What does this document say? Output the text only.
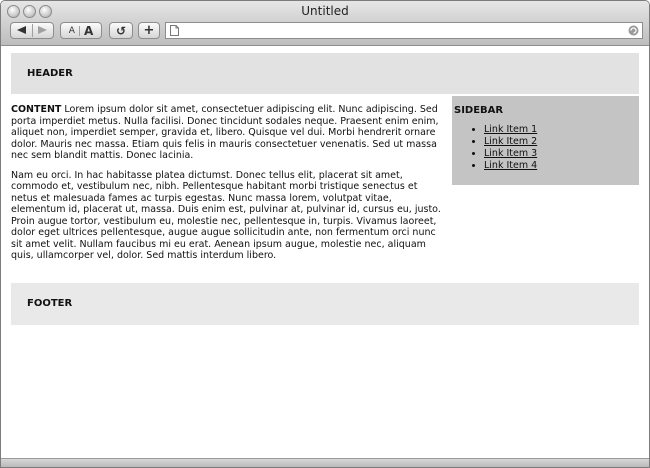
Untitled
A A	↺ +
HEADER

CONTENT Lorem ipsum dolor sit amet, consectetuer adipiscing elit. Nunc adipiscing. Sed porta imperdiet metus. Nulla facilisi. Donec tincidunt sodales neque. Praesent enim enim, aliquet non, imperdiet semper, gravida et, libero. Quisque vel dui. Morbi hendrerit ornare dolor. Mauris nec massa. Etiam quis felis in mauris consectetuer venenatis. Sed ut massa nec sem blandit mattis. Donec lacinia.

Nam eu orci. In hac habitasse platea dictumst. Donec tellus elit, placerat sit amet, commodo et, vestibulum nec, nibh. Pellentesque habitant morbi tristique senectus et netus et malesuada fames ac turpis egestas. Nunc massa lorem, volutpat vitae, elementum id, placerat ut, massa. Duis enim est, pulvinar at, pulvinar id, cursus eu, justo. Proin augue tortor, vestibulum eu, molestie nec, pellentesque in, turpis. Vivamus laoreet, dolor eget ultrices pellentesque, augue augue sollicitudin ante, non fermentum orci nunc sit amet velit. Nullam faucibus mi eu erat. Aenean ipsum augue, molestie nec, aliquam quis, ullamcorper vel, dolor. Sed mattis interdum libero.

SIDEBAR
• Link Item 1
• Link Item 2
• Link Item 3
• Link Item 4
FOOTER
